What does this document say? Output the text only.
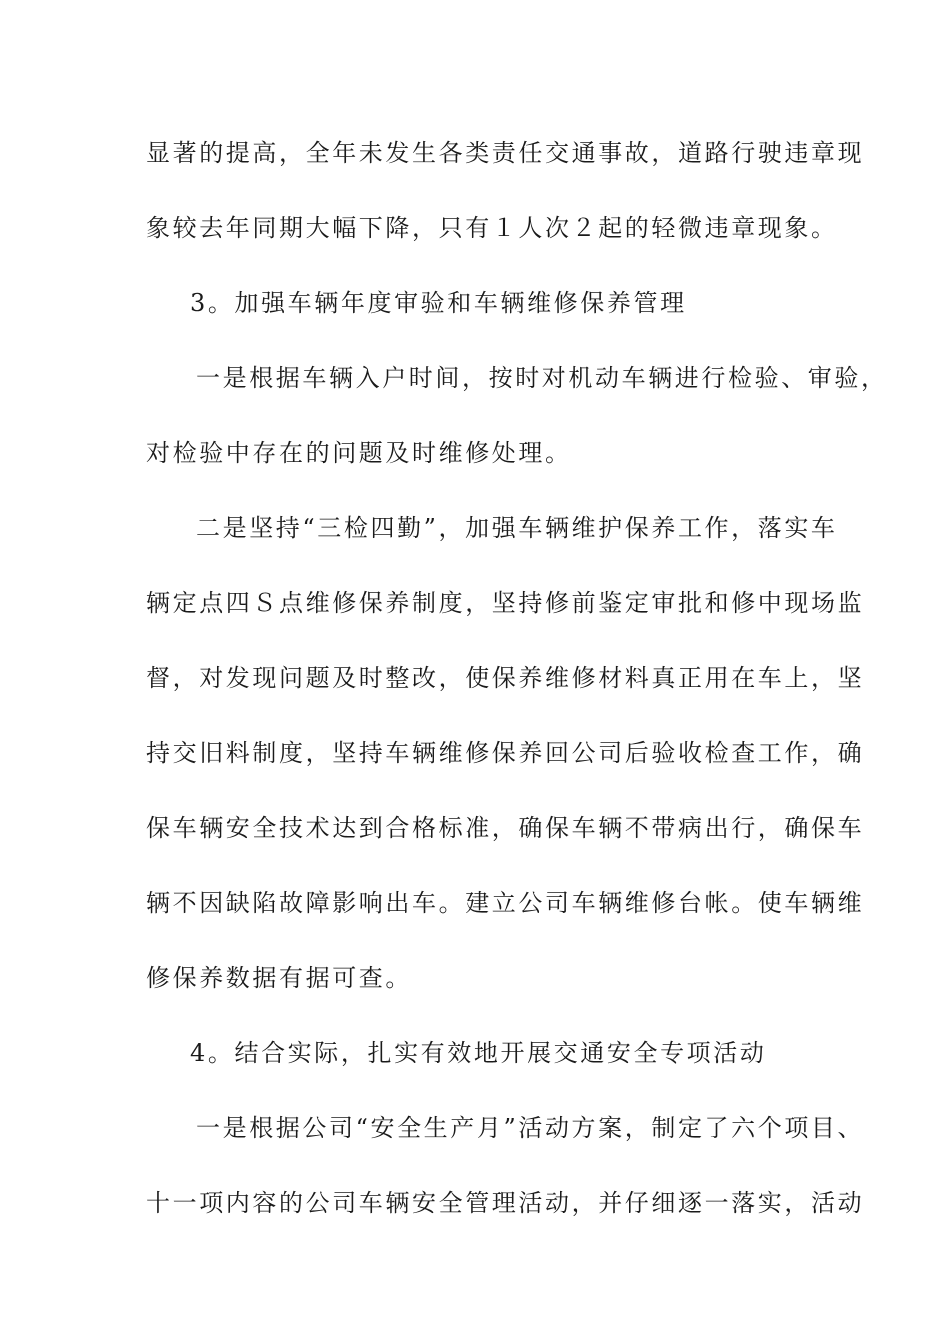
显著的提高，全年未发生各类责任交通事故，道路行驶违章现
象较去年同期大幅下降，只有１人次２起的轻微违章现象。
3。加强车辆年度审验和车辆维修保养管理
一是根据车辆入户时间，按时对机动车辆进行检验、审验，
对检验中存在的问题及时维修处理。
二是坚持“三检四勤”，加强车辆维护保养工作，落实车
辆定点四Ｓ点维修保养制度，坚持修前鉴定审批和修中现场监
督，对发现问题及时整改，使保养维修材料真正用在车上，坚
持交旧料制度，坚持车辆维修保养回公司后验收检查工作，确
保车辆安全技术达到合格标准，确保车辆不带病出行，确保车
辆不因缺陷故障影响出车。建立公司车辆维修台帐。使车辆维
修保养数据有据可查。
4。结合实际，扎实有效地开展交通安全专项活动
一是根据公司“安全生产月”活动方案，制定了六个项目、
十一项内容的公司车辆安全管理活动，并仔细逐一落实，活动
